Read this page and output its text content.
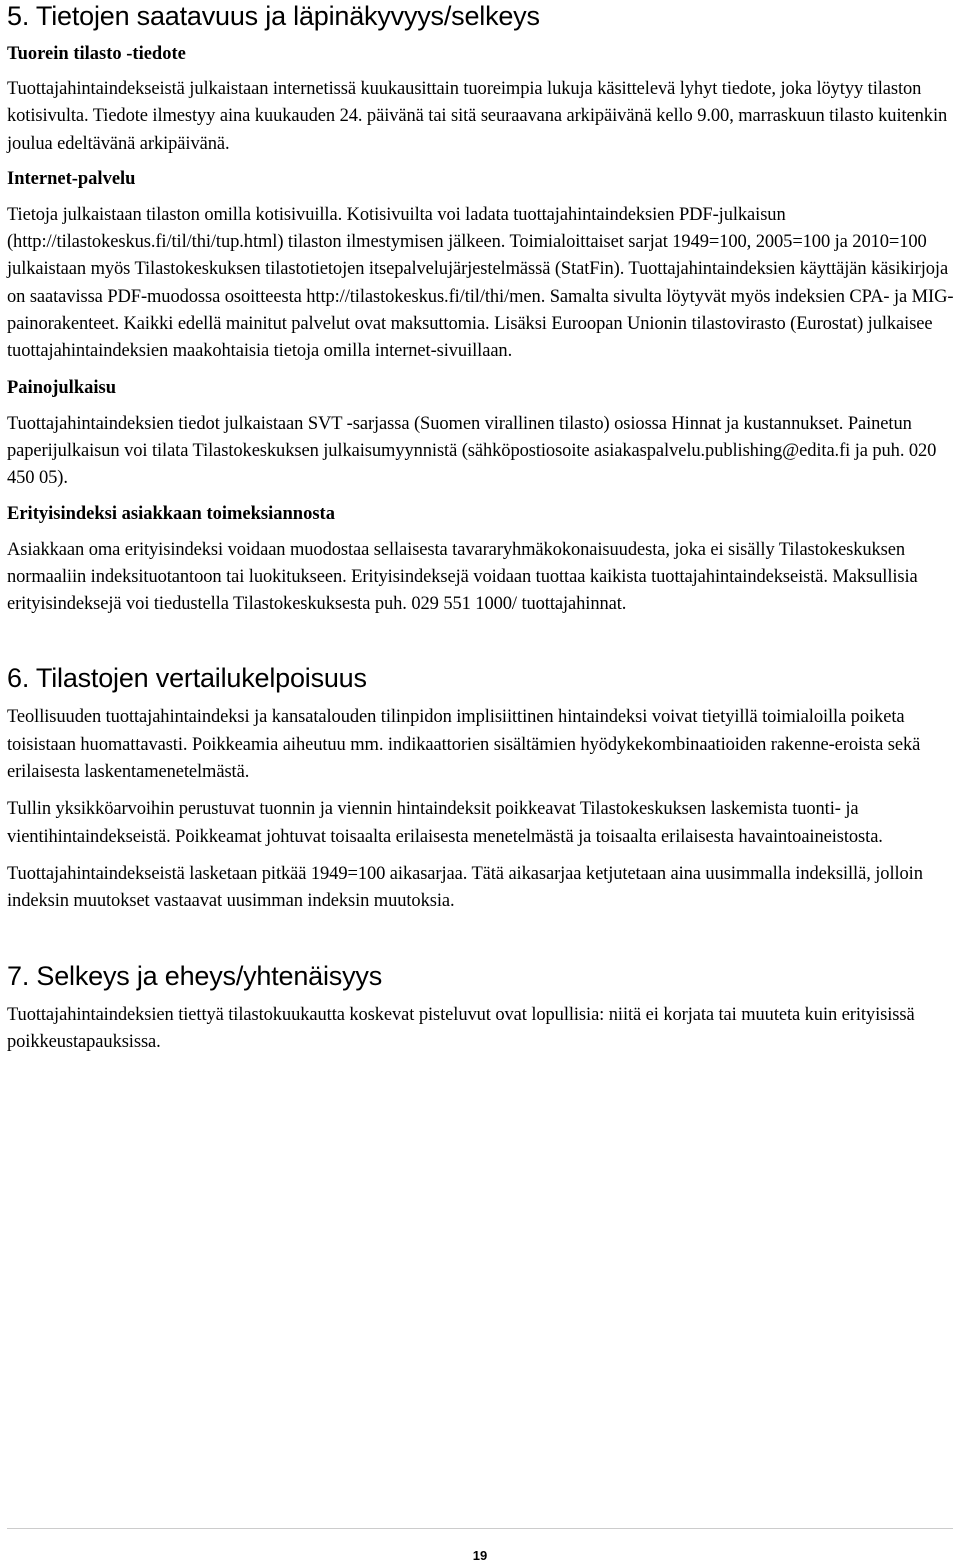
5. Tietojen saatavuus ja läpinäkyvyys/selkeys
Tuorein tilasto -tiedote

Tuottajahintaindekseistä julkaistaan internetissä kuukausittain tuoreimpia lukuja käsittelevä lyhyt tiedote, joka löytyy tilaston kotisivulta. Tiedote ilmestyy aina kuukauden 24. päivänä tai sitä seuraavana arkipäivänä kello 9.00, marraskuun tilasto kuitenkin joulua edeltävänä arkipäivänä.

Internet-palvelu

Tietoja julkaistaan tilaston omilla kotisivuilla. Kotisivuilta voi ladata tuottajahintaindeksien PDF-julkaisun (http://tilastokeskus.fi/til/thi/tup.html) tilaston ilmestymisen jälkeen. Toimialoittaiset sarjat 1949=100, 2005=100 ja 2010=100 julkaistaan myös Tilastokeskuksen tilastotietojen itsepalvelujärjestelmässä (StatFin). Tuottajahintaindeksien käyttäjän käsikirjoja on saatavissa PDF-muodossa osoitteesta http://tilastokeskus.fi/til/thi/men. Samalta sivulta löytyvät myös indeksien CPA- ja MIG-painorakenteet. Kaikki edellä mainitut palvelut ovat maksuttomia. Lisäksi Euroopan Unionin tilastovirasto (Eurostat) julkaisee tuottajahintaindeksien maakohtaisia tietoja omilla internet-sivuillaan.

Painojulkaisu

Tuottajahintaindeksien tiedot julkaistaan SVT -sarjassa (Suomen virallinen tilasto) osiossa Hinnat ja kustannukset. Painetun paperijulkaisun voi tilata Tilastokeskuksen julkaisumyynnistä (sähköpostiosoite asiakaspalvelu.publishing@edita.fi ja puh. 020 450 05).

Erityisindeksi asiakkaan toimeksiannosta

Asiakkaan oma erityisindeksi voidaan muodostaa sellaisesta tavararyhmäkokonaisuudesta, joka ei sisälly Tilastokeskuksen normaaliin indeksituotantoon tai luokitukseen. Erityisindeksejä voidaan tuottaa kaikista tuottajahintaindekseistä. Maksullisia erityisindeksejä voi tiedustella Tilastokeskuksesta puh. 029 551 1000/ tuottajahinnat.

6. Tilastojen vertailukelpoisuus

Teollisuuden tuottajahintaindeksi ja kansatalouden tilinpidon implisiittinen hintaindeksi voivat tietyillä toimialoilla poiketa toisistaan huomattavasti. Poikkeamia aiheutuu mm. indikaattorien sisältämien hyödykekombinaatioiden rakenne-eroista sekä erilaisesta laskentamenetelmästä.

Tullin yksikköarvoihin perustuvat tuonnin ja viennin hintaindeksit poikkeavat Tilastokeskuksen laskemista tuonti- ja vientihintaindekseistä. Poikkeamat johtuvat toisaalta erilaisesta menetelmästä ja toisaalta erilaisesta havaintoaineistosta.

Tuottajahintaindekseistä lasketaan pitkää 1949=100 aikasarjaa. Tätä aikasarjaa ketjutetaan aina uusimmalla indeksillä, jolloin indeksin muutokset vastaavat uusimman indeksin muutoksia.

7. Selkeys ja eheys/yhtenäisyys

Tuottajahintaindeksien tiettyä tilastokuukautta koskevat pisteluvut ovat lopullisia: niitä ei korjata tai muuteta kuin erityisissä poikkeustapauksissa.

19
